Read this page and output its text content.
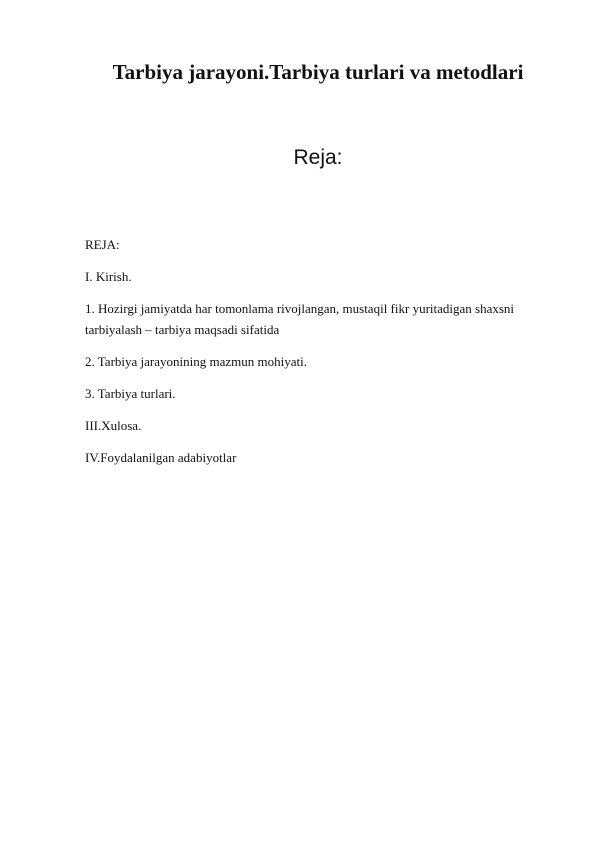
Tarbiya jarayoni.Tarbiya turlari va metodlari
Reja:

REJA:

I. Kirish.

1. Hozirgi jamiyatda har tomonlama rivojlangan, mustaqil fikr yuritadigan shaxsni tarbiyalash – tarbiya maqsadi sifatida

2. Tarbiya jarayonining mazmun mohiyati.

3. Tarbiya turlari.

III.Xulosa.

IV.Foydalanilgan adabiyotlar
